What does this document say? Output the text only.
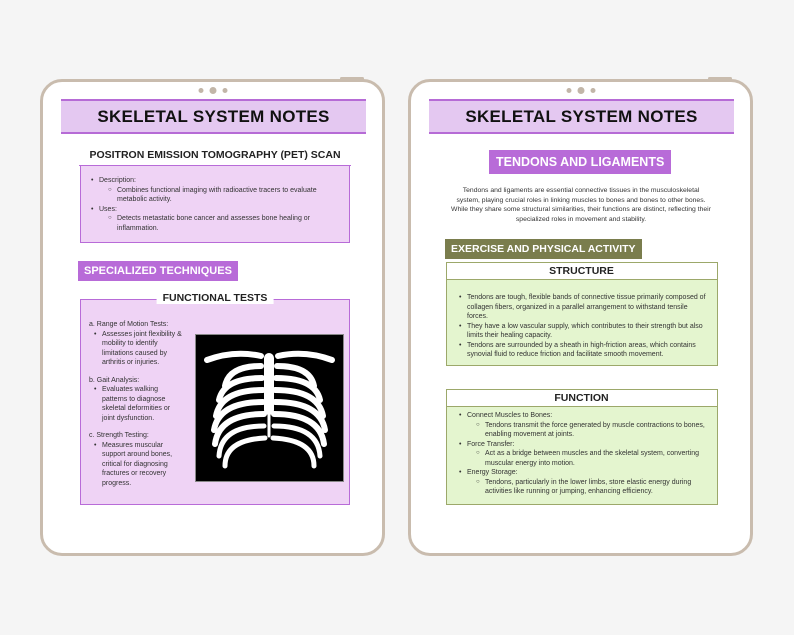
SKELETAL SYSTEM NOTES
POSITRON EMISSION TOMOGRAPHY (PET) SCAN
• Description:
○ Combines functional imaging with radioactive tracers to evaluate metabolic activity.
• Uses:
○ Detects metastatic bone cancer and assesses bone healing or inflammation.
SPECIALIZED TECHNIQUES
FUNCTIONAL TESTS
a. Range of Motion Tests:
• Assesses joint flexibility & mobility to identify limitations caused by arthritis or injuries.
b. Gait Analysis:
• Evaluates walking patterns to diagnose skeletal deformities or joint dysfunction.
c. Strength Testing:
• Measures muscular support around bones, critical for diagnosing fractures or recovery progress.
SKELETAL SYSTEM NOTES
TENDONS AND LIGAMENTS
Tendons and ligaments are essential connective tissues in the musculoskeletal system, playing crucial roles in linking muscles to bones and bones to other bones. While they share some structural similarities, their functions are distinct, reflecting their specialized roles in movement and stability.
EXERCISE AND PHYSICAL ACTIVITY
STRUCTURE
• Tendons are tough, flexible bands of connective tissue primarily composed of collagen fibers, organized in a parallel arrangement to withstand tensile forces.
• They have a low vascular supply, which contributes to their strength but also limits their healing capacity.
• Tendons are surrounded by a sheath in high-friction areas, which contains synovial fluid to reduce friction and facilitate smooth movement.
FUNCTION
• Connect Muscles to Bones:
○ Tendons transmit the force generated by muscle contractions to bones, enabling movement at joints.
• Force Transfer:
○ Act as a bridge between muscles and the skeletal system, converting muscular energy into motion.
• Energy Storage:
○ Tendons, particularly in the lower limbs, store elastic energy during activities like running or jumping, enhancing efficiency.
